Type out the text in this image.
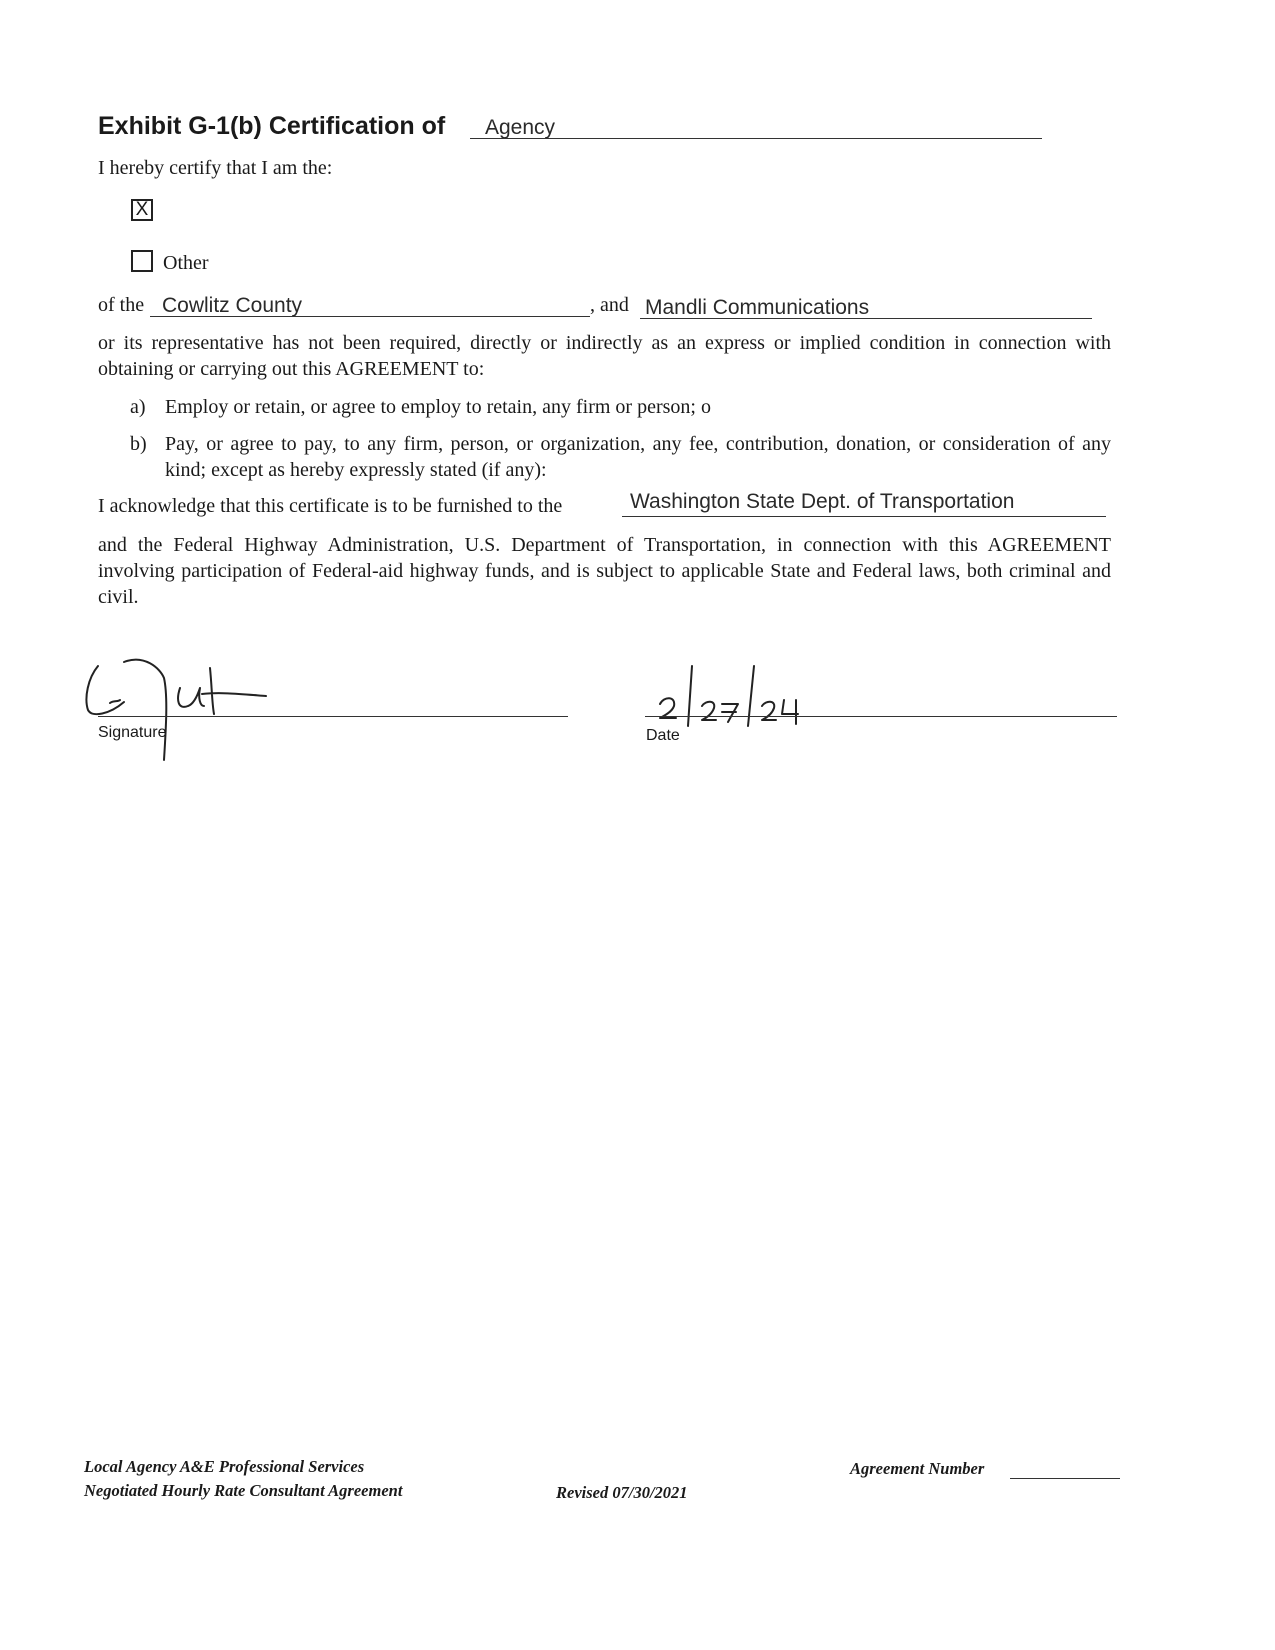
Exhibit G-1(b) Certification of Agency
I hereby certify that I am the:
X
Other
of the Cowlitz County	, and Mandli Communications
or its representative has not been required, directly or indirectly as an express or implied condition in connection with obtaining or carrying out this AGREEMENT to:
a) Employ or retain, or agree to employ to retain, any firm or person; o
b) Pay, or agree to pay, to any firm, person, or organization, any fee, contribution, donation, or consideration of any kind; except as hereby expressly stated (if any):
I acknowledge that this certificate is to be furnished to the	Washington State Dept. of Transportation
and the Federal Highway Administration, U.S. Department of Transportation, in connection with this AGREEMENT involving participation of Federal-aid highway funds, and is subject to applicable State and Federal laws, both criminal and civil.
Signature	Date
Local Agency A&E Professional Services
Negotiated Hourly Rate Consultant Agreement	Revised 07/30/2021
Agreement Number
